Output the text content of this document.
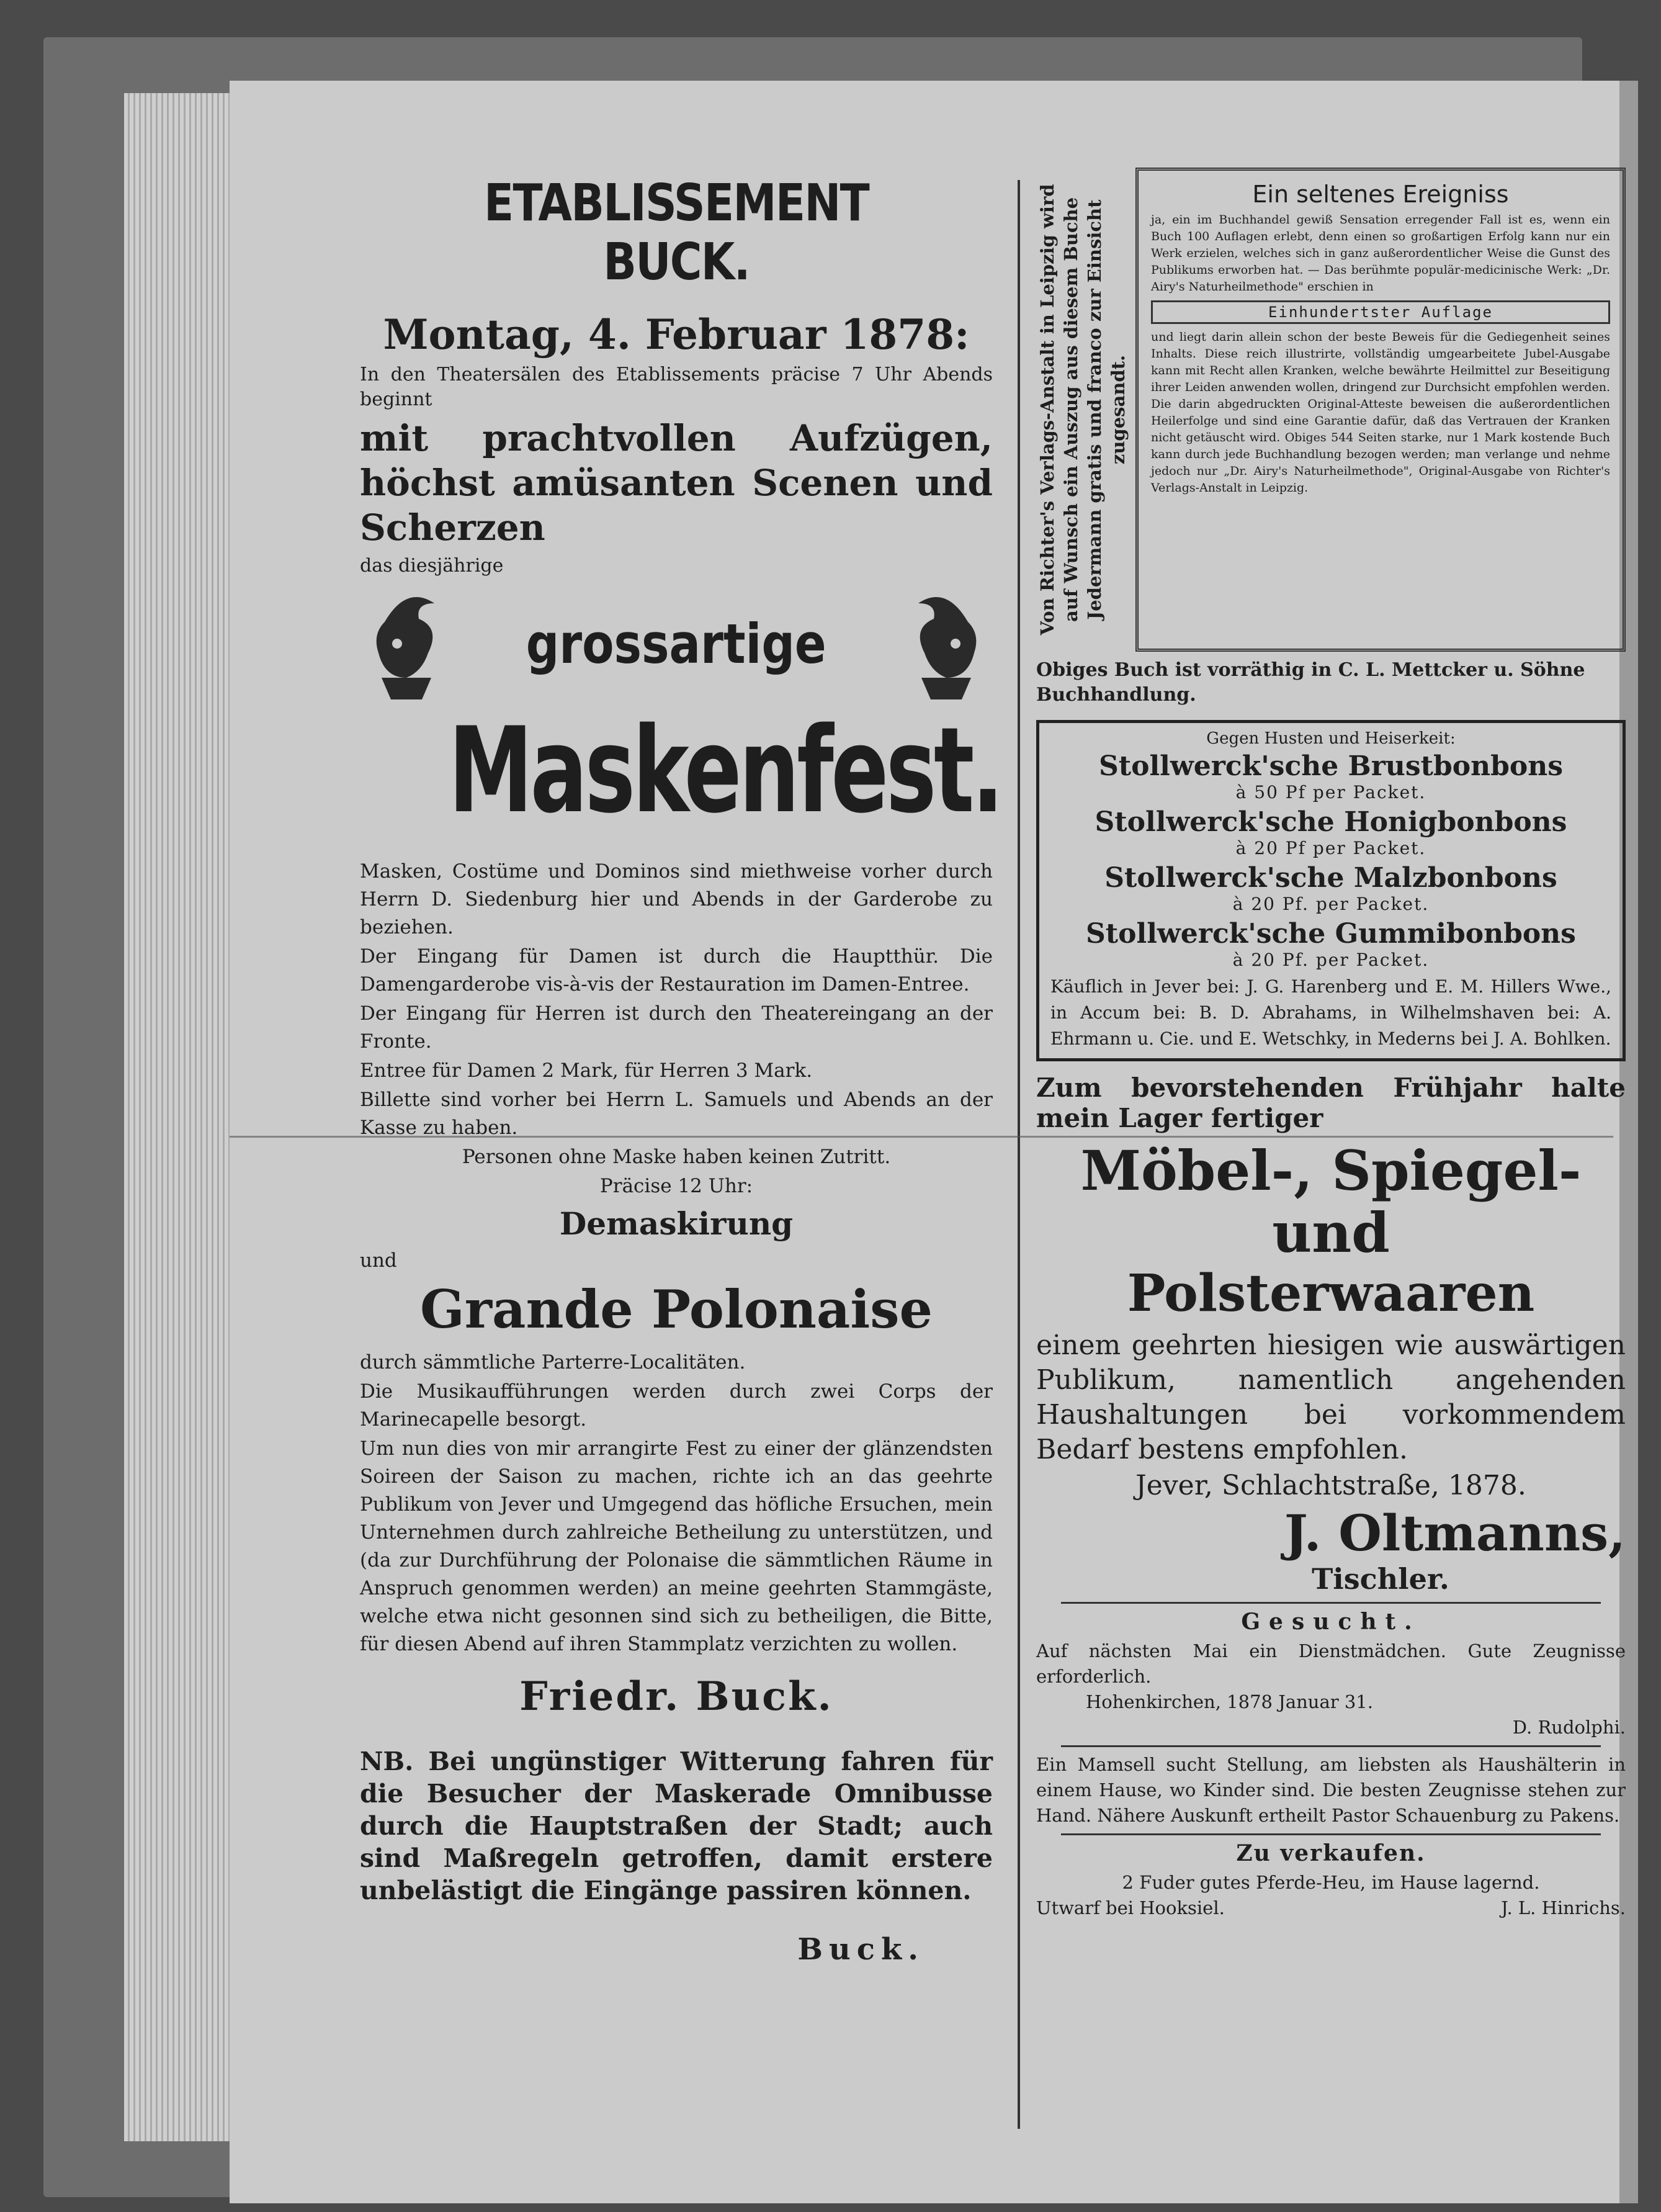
ETABLISSEMENT BUCK.

Montag, 4. Februar 1878:

In den Theatersälen des Etablissements präcise 7 Uhr Abends beginnt

mit prachtvollen Aufzügen, höchst amüsanten Scenen und Scherzen

das diesjährige

grossartige

Maskenfest.

Masken, Costüme und Dominos sind miethweise vorher durch Herrn D. Siedenburg hier und Abends in der Garderobe zu beziehen.

Der Eingang für Damen ist durch die Hauptthür. Die Damengarderobe vis-à-vis der Restauration im Damen-Entree.

Der Eingang für Herren ist durch den Theatereingang an der Fronte.

Entree für Damen 2 Mark, für Herren 3 Mark.

Billette sind vorher bei Herrn L. Samuels und Abends an der Kasse zu haben.

Personen ohne Maske haben keinen Zutritt.

Präcise 12 Uhr:

Demaskirung

und

Grande Polonaise

durch sämmtliche Parterre-Localitäten.

Die Musikaufführungen werden durch zwei Corps der Marinecapelle besorgt.

Um nun dies von mir arrangirte Fest zu einer der glänzendsten Soireen der Saison zu machen, richte ich an das geehrte Publikum von Jever und Umgegend das höfliche Ersuchen, mein Unternehmen durch zahlreiche Betheilung zu unterstützen, und (da zur Durchführung der Polonaise die sämmtlichen Räume in Anspruch genommen werden) an meine geehrten Stammgäste, welche etwa nicht gesonnen sind sich zu betheiligen, die Bitte, für diesen Abend auf ihren Stammplatz verzichten zu wollen.

Friedr. Buck.

NB. Bei ungünstiger Witterung fahren für die Besucher der Maskerade Omnibusse durch die Hauptstraßen der Stadt; auch sind Maßregeln getroffen, damit erstere unbelästigt die Eingänge passiren können.

Buck.

Von Richter's Verlags-Anstalt in Leipzig wird auf Wunsch ein Auszug aus diesem Buche Jedermann gratis und franco zur Einsicht zugesandt.

Ein seltenes Ereigniss

ja, ein im Buchhandel gewiß Sensation erregender Fall ist es, wenn ein Buch 100 Auflagen erlebt, denn einen so großartigen Erfolg kann nur ein Werk erzielen, welches sich in ganz außerordentlicher Weise die Gunst des Publikums erworben hat. — Das berühmte populär-medicinische Werk: „Dr. Airy's Naturheilmethode" erschien in

Einhundertster Auflage

und liegt darin allein schon der beste Beweis für die Gediegenheit seines Inhalts. Diese reich illustrirte, vollständig umgearbeitete Jubel-Ausgabe kann mit Recht allen Kranken, welche bewährte Heilmittel zur Beseitigung ihrer Leiden anwenden wollen, dringend zur Durchsicht empfohlen werden. Die darin abgedruckten Original-Atteste beweisen die außerordentlichen Heilerfolge und sind eine Garantie dafür, daß das Vertrauen der Kranken nicht getäuscht wird. Obiges 544 Seiten starke, nur 1 Mark kostende Buch kann durch jede Buchhandlung bezogen werden; man verlange und nehme jedoch nur „Dr. Airy's Naturheilmethode", Original-Ausgabe von Richter's Verlags-Anstalt in Leipzig.

Obiges Buch ist vorräthig in C. L. Mettcker u. Söhne Buchhandlung.

Gegen Husten und Heiserkeit:

Stollwerck'sche Brustbonbons

à 50 Pf per Packet.

Stollwerck'sche Honigbonbons

à 20 Pf per Packet.

Stollwerck'sche Malzbonbons

à 20 Pf. per Packet.

Stollwerck'sche Gummibonbons

à 20 Pf. per Packet.

Käuflich in Jever bei: J. G. Harenberg und E. M. Hillers Wwe., in Accum bei: B. D. Abrahams, in Wilhelmshaven bei: A. Ehrmann u. Cie. und E. Wetschky, in Mederns bei J. A. Bohlken.

Zum bevorstehenden Frühjahr halte mein Lager fertiger

Möbel-, Spiegel- und

Polsterwaaren

einem geehrten hiesigen wie auswärtigen Publikum, namentlich angehenden Haushaltungen bei vorkommendem Bedarf bestens empfohlen.

Jever, Schlachtstraße, 1878.

J. Oltmanns,

Tischler.

Gesucht.

Auf nächsten Mai ein Dienstmädchen. Gute Zeugnisse erforderlich.

Hohenkirchen, 1878 Januar 31.

D. Rudolphi.

Ein Mamsell sucht Stellung, am liebsten als Haushälterin in einem Hause, wo Kinder sind. Die besten Zeugnisse stehen zur Hand. Nähere Auskunft ertheilt Pastor Schauenburg zu Pakens.

Zu verkaufen.

2 Fuder gutes Pferde-Heu, im Hause lagernd.

Utwarf bei Hooksiel.	J. L. Hinrichs.
